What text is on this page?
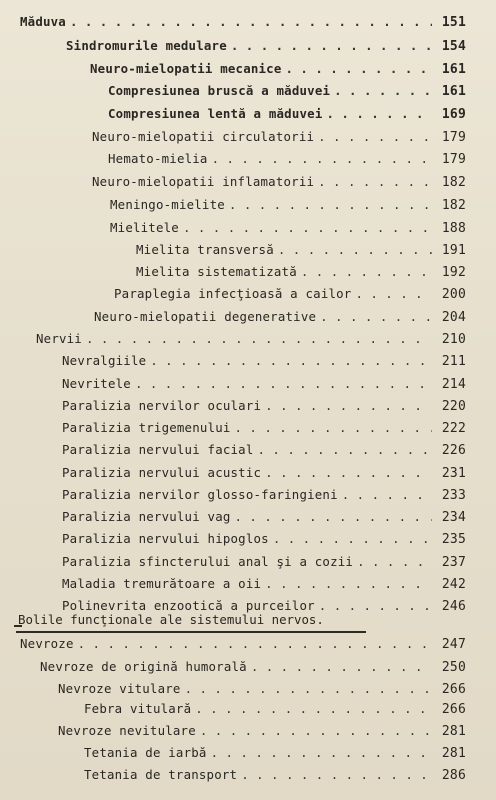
Măduva . . .	151
Sindromurile medulare . . .	154
Neuro-mielopatii mecanice . . .	161
Compresiunea bruscă a măduvei . . .	161
Compresiunea lentă a măduvei . . .	169
Neuro-mielopatii circulatorii . . .	179
Hemato-mielia . . .	179
Neuro-mielopatii inflamatorii . . .	182
Meningo-mielite . . .	182
Mielitele . . .	188
Mielita transversă . . .	191
Mielita sistematizată . . .	192
Paraplegia infecţioasă a cailor . . .	200
Neuro-mielopatii degenerative . . .	204
Nervii . . .	210
Nevralgiile . . .	211
Nevritele . . .	214
Paralizia nervilor oculari . . .	220
Paralizia trigemenului . . .	222
Paralizia nervului facial . . .	226
Paralizia nervului acustic . . .	231
Paralizia nervilor glosso-faringieni . . .	233
Paralizia nervului vag . . .	234
Paralizia nervului hipoglos . . .	235
Paralizia sfincterului anal şi a cozii . . .	237
Maladia tremurătoare a oii . . .	242
Polinevrita enzootică a purceilor . . .	246
Bolile funcţionale ale sistemului nervos.
Nevroze . . .	247
Nevroze de origină humorală . . .	250
Nevroze vitulare . . .	266
Febra vitulară . . .	266
Nevroze nevitulare . . .	281
Tetania de iarbă . . .	281
Tetania de transport . . .	286
